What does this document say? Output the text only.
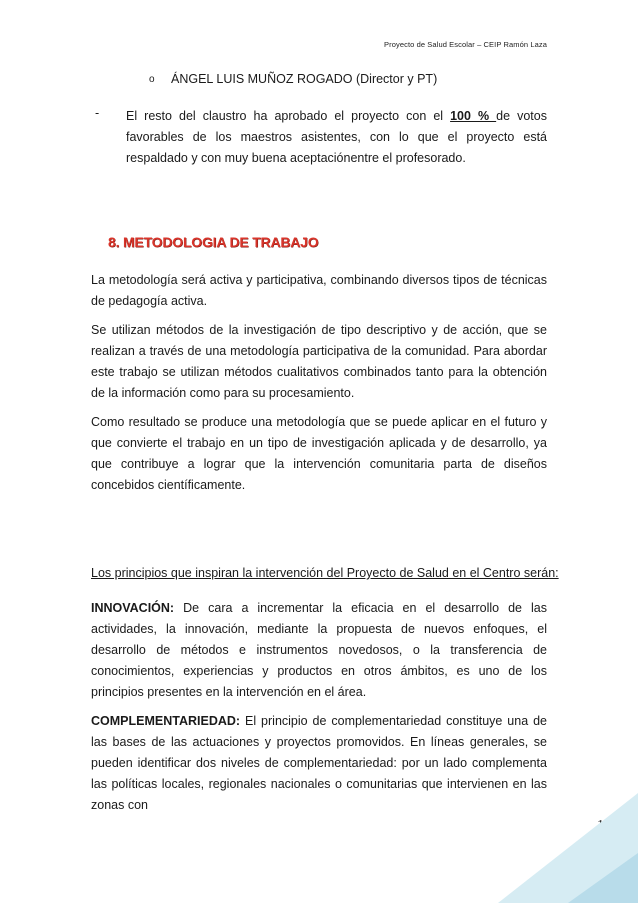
Proyecto de Salud Escolar – CEIP Ramón Laza
o ÁNGEL LUIS MUÑOZ ROGADO (Director y PT)
- El resto del claustro ha aprobado el proyecto con el 100 % de votos favorables de los maestros asistentes, con lo que el proyecto está respaldado y con muy buena aceptaciónentre el profesorado.

8. METODOLOGIA DE TRABAJO

La metodología será activa y participativa, combinando diversos tipos de técnicas de pedagogía activa.

Se utilizan métodos de la investigación de tipo descriptivo y de acción, que se realizan a través de una metodología participativa de la comunidad. Para abordar este trabajo se utilizan métodos cualitativos combinados tanto para la obtención de la información como para su procesamiento.

Como resultado se produce una metodología que se puede aplicar en el futuro y que convierte el trabajo en un tipo de investigación aplicada y de desarrollo, ya que contribuye a lograr que la intervención comunitaria parta de diseños concebidos científicamente.

Los principios que inspiran la intervención del Proyecto de Salud en el Centro serán:

INNOVACIÓN: De cara a incrementar la eficacia en el desarrollo de las actividades, la innovación, mediante la propuesta de nuevos enfoques, el desarrollo de métodos e instrumentos novedosos, o la transferencia de conocimientos, experiencias y productos en otros ámbitos, es uno de los principios presentes en la intervención en el área.

COMPLEMENTARIEDAD: El principio de complementariedad constituye una de las bases de las actuaciones y proyectos promovidos. En líneas generales, se pueden identificar dos niveles de complementariedad: por un lado complementa las políticas locales, regionales nacionales o comunitarias que intervienen en las zonas con
